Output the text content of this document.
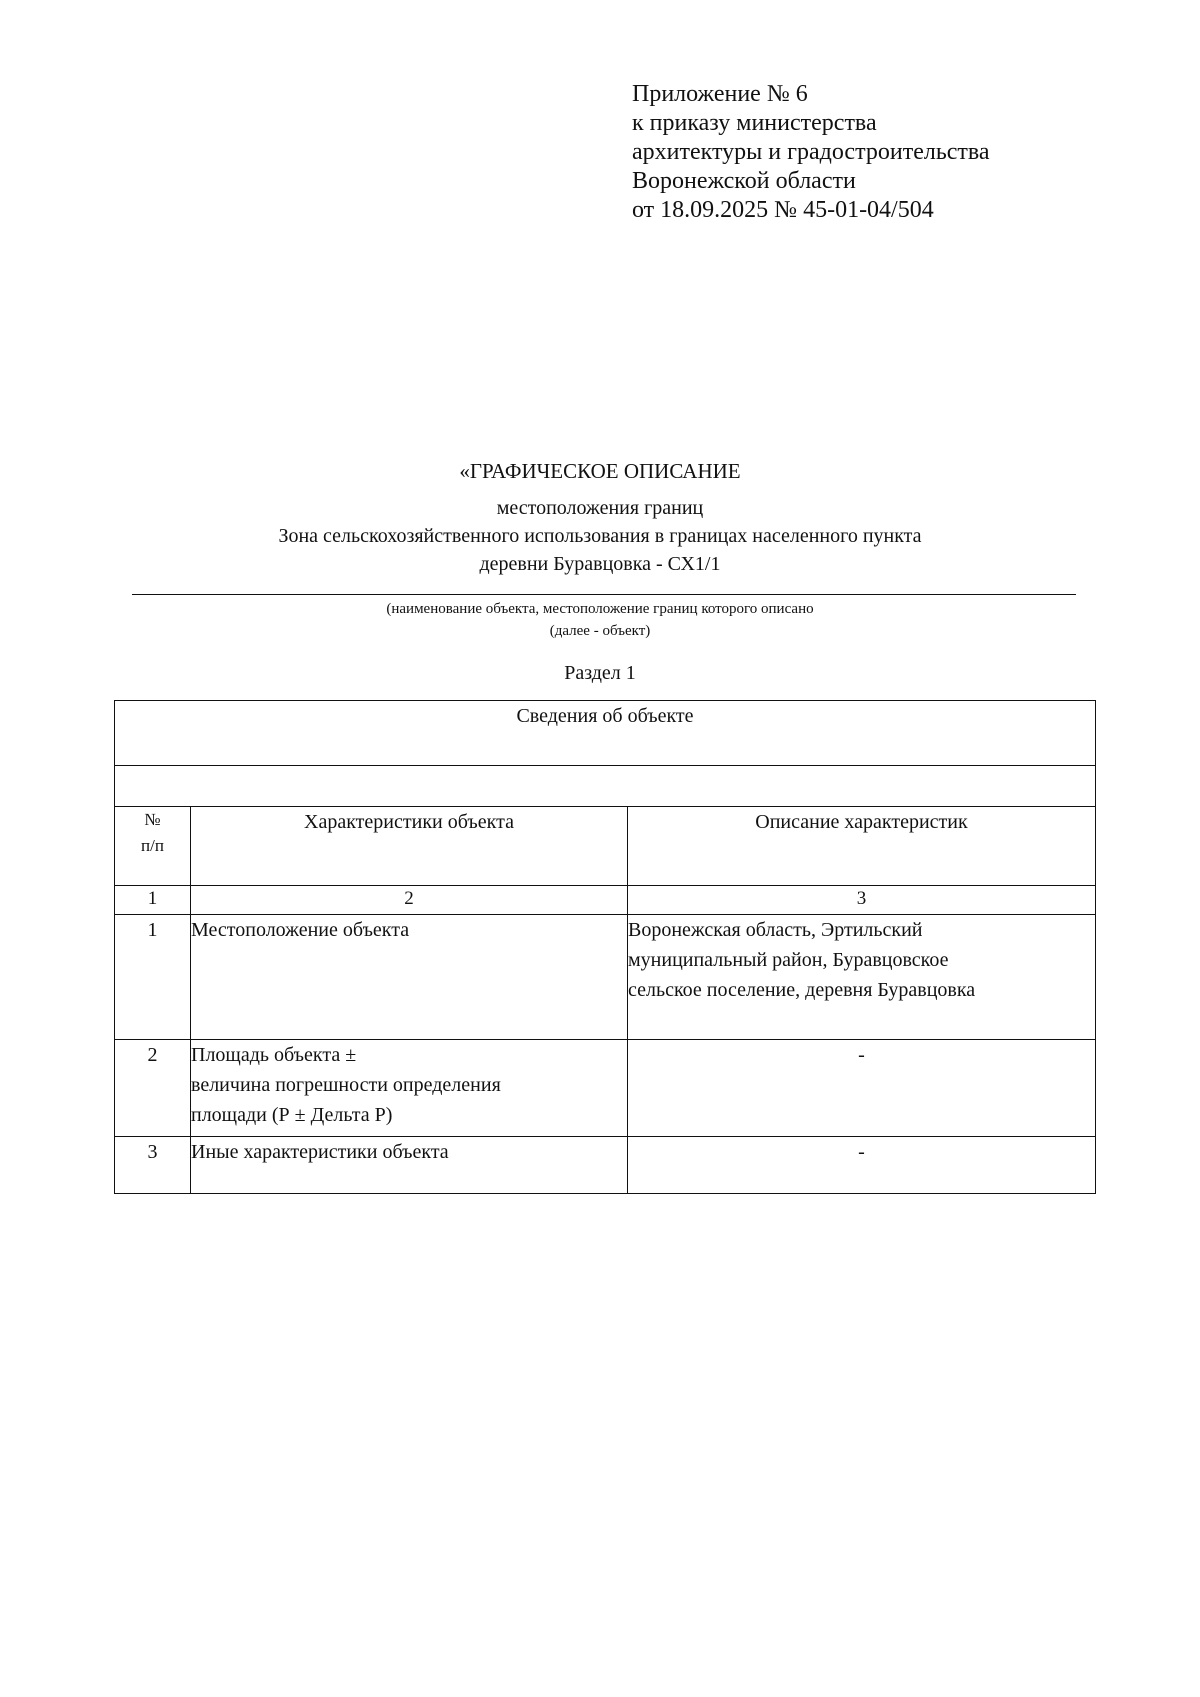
Приложение № 6
к приказу министерства
архитектуры и градостроительства
Воронежской области
от 18.09.2025 № 45-01-04/504
«ГРАФИЧЕСКОЕ ОПИСАНИЕ
местоположения границ
Зона сельскохозяйственного использования в границах населенного пункта
деревни Буравцовка - СХ1/1
(наименование объекта, местоположение границ которого описано
(далее - объект)
Раздел 1
Сведения об объекте		

№
п/п	Характеристики объекта	Описание характеристик
1	2	3
1	Местоположение объекта	Воронежская область, Эртильский
муниципальный район, Буравцовское
сельское поселение, деревня Буравцовка

2	Площадь объекта ±
величина погрешности определения
площади (Р ± Дельта Р)	-
3	Иные характеристики объекта	-
